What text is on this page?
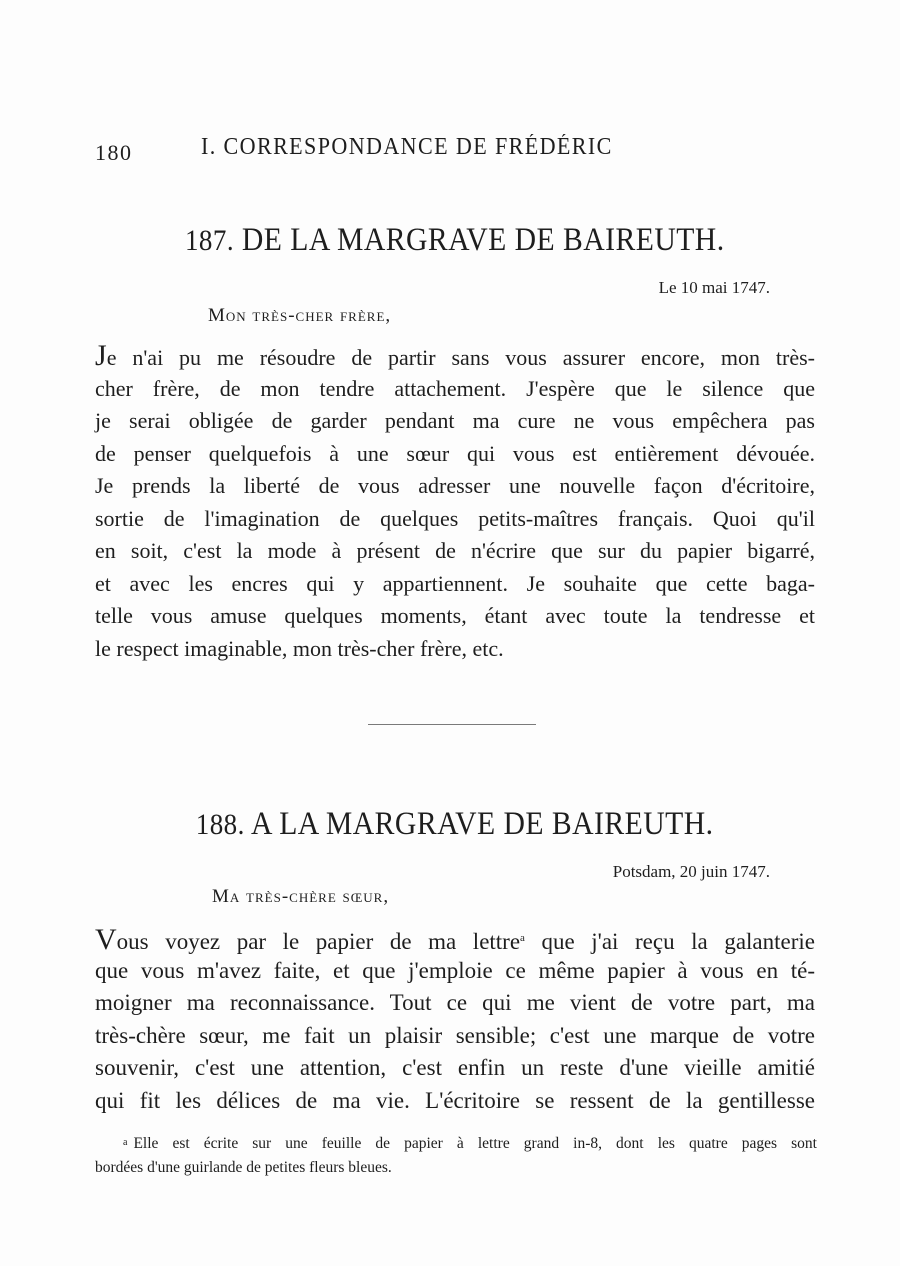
180	I. CORRESPONDANCE DE FRÉDÉRIC
187. DE LA MARGRAVE DE BAIREUTH.
Le 10 mai 1747.
Mon très-cher frère,
Je n'ai pu me résoudre de partir sans vous assurer encore, mon très-
cher frère, de mon tendre attachement. J'espère que le silence que
je serai obligée de garder pendant ma cure ne vous empêchera pas
de penser quelquefois à une sœur qui vous est entièrement dévouée.
Je prends la liberté de vous adresser une nouvelle façon d'écritoire,
sortie de l'imagination de quelques petits-maîtres français. Quoi qu'il
en soit, c'est la mode à présent de n'écrire que sur du papier bigarré,
et avec les encres qui y appartiennent. Je souhaite que cette baga-
telle vous amuse quelques moments, étant avec toute la tendresse et
le respect imaginable, mon très-cher frère, etc.
188. A LA MARGRAVE DE BAIREUTH.
Potsdam, 20 juin 1747.
Ma très-chère sœur,
Vous voyez par le papier de ma lettre$^a$ que j'ai reçu la galanterie
que vous m'avez faite, et que j'emploie ce même papier à vous en té-
moigner ma reconnaissance. Tout ce qui me vient de votre part, ma
très-chère sœur, me fait un plaisir sensible; c'est une marque de votre
souvenir, c'est une attention, c'est enfin un reste d'une vieille amitié
qui fit les délices de ma vie. L'écritoire se ressent de la gentillesse
a Elle est écrite sur une feuille de papier à lettre grand in-8, dont les quatre pages sont
bordées d'une guirlande de petites fleurs bleues.
